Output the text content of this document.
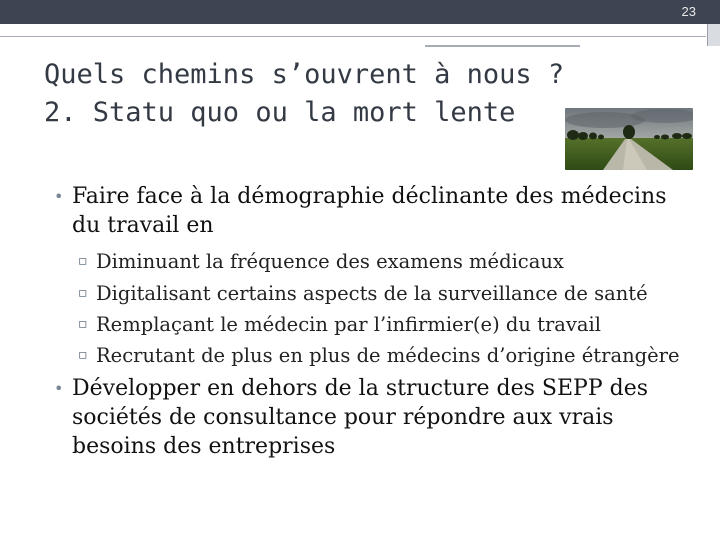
23
Quels chemins s’ouvrent à nous ?
2. Statu quo ou la mort lente
• Faire face à la démographie déclinante des médecins du travail en
▫ Diminuant la fréquence des examens médicaux
▫ Digitalisant certains aspects de la surveillance de santé
▫ Remplaçant le médecin par l’infirmier(e) du travail
▫ Recrutant de plus en plus de médecins d’origine étrangère
• Développer en dehors de la structure des SEPP des sociétés de consultance pour répondre aux vrais besoins des entreprises
